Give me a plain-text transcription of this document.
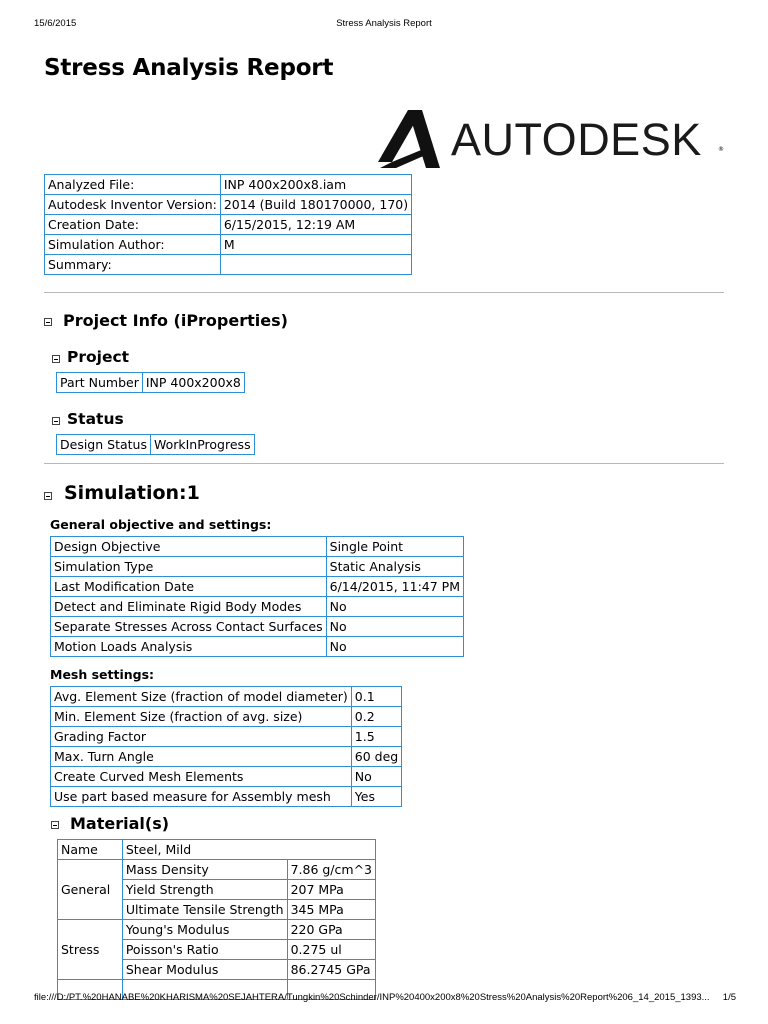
15/6/2015	Stress Analysis Report
Stress Analysis Report
AUTODESK	®
Analyzed File:	INP 400x200x8.iam
Autodesk Inventor Version:	2014 (Build 180170000, 170)
Creation Date:	6/15/2015, 12:19 AM
Simulation Author:	M
Summary:	
Project Info (iProperties)
Project
Part Number	INP 400x200x8
Status
Design Status	WorkInProgress
Simulation:1
General objective and settings:
Design Objective	Single Point
Simulation Type	Static Analysis
Last Modification Date	6/14/2015, 11:47 PM
Detect and Eliminate Rigid Body Modes	No
Separate Stresses Across Contact Surfaces	No
Motion Loads Analysis	No
Mesh settings:
Avg. Element Size (fraction of model diameter)	0.1
Min. Element Size (fraction of avg. size)	0.2
Grading Factor	1.5
Max. Turn Angle	60 deg
Create Curved Mesh Elements	No
Use part based measure for Assembly mesh	Yes
Material(s)
Name	Steel, Mild	
General	Mass Density	7.86 g/cm^3
	Yield Strength	207 MPa
	Ultimate Tensile Strength	345 MPa
Stress	Young's Modulus	220 GPa
	Poisson's Ratio	0.275 ul
	Shear Modulus	86.2745 GPa

file:///D:/PT.%20HANABE%20KHARISMA%20SEJAHTERA/Tungkin%20Schinder/INP%20400x200x8%20Stress%20Analysis%20Report%206_14_2015_1393...	1/5
